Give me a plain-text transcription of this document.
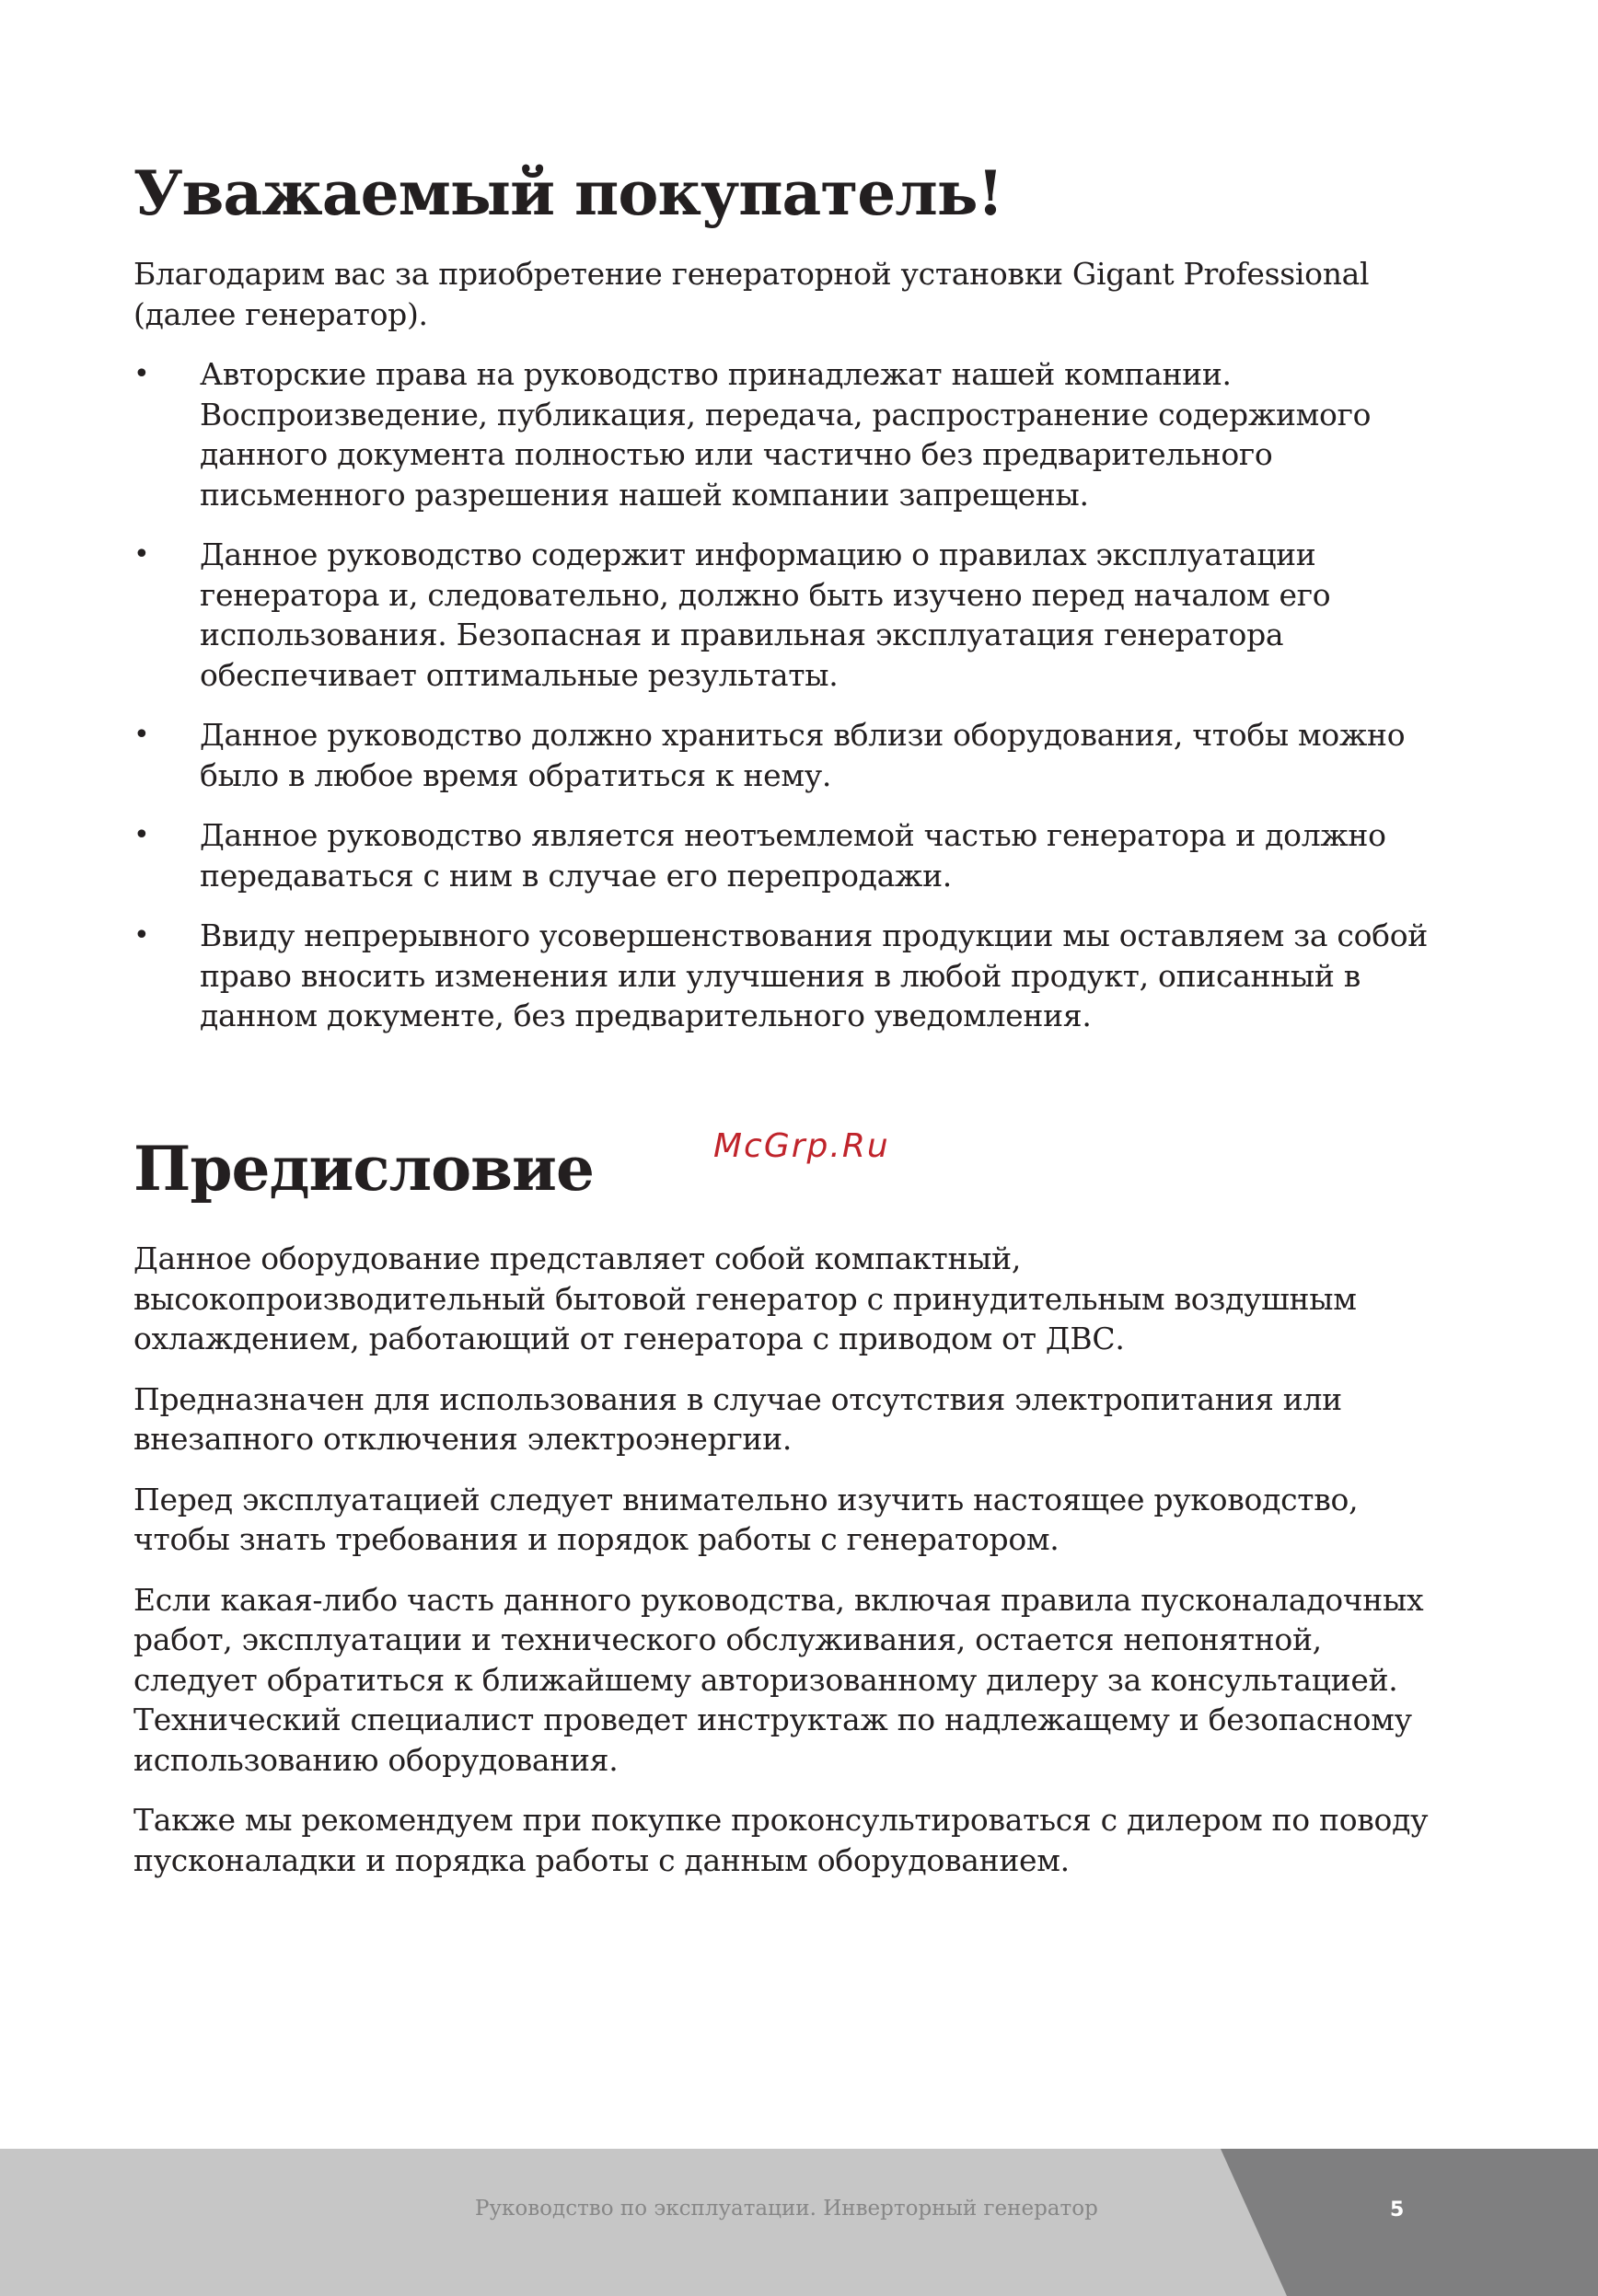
Уважаемый покупатель!

Благодарим вас за приобретение генераторной установки Gigant Professional (далее генератор).

•	Авторские права на руководство принадлежат нашей компании. Воспроизведение, публикация, передача, распространение содержимого данного документа полностью или частично без предварительного письменного разрешения нашей компании запрещены.
•	Данное руководство содержит информацию о правилах эксплуатации генератора и, следовательно, должно быть изучено перед началом его использования. Безопасная и правильная эксплуатация генератора обеспечивает оптимальные результаты.
•	Данное руководство должно храниться вблизи оборудования, чтобы можно было в любое время обратиться к нему.
•	Данное руководство является неотъемлемой частью генератора и должно передаваться с ним в случае его перепродажи.
•	Ввиду непрерывного усовершенствования продукции мы оставляем за собой право вносить изменения или улучшения в любой продукт, описанный в данном документе, без предварительного уведомления.
McGrp.Ru
Предисловие

Данное оборудование представляет собой компактный, высокопроизводительный бытовой генератор с принудительным воздушным охлаждением, работающий от генератора с приводом от ДВС.

Предназначен для использования в случае отсутствия электропитания или внезапного отключения электроэнергии.

Перед эксплуатацией следует внимательно изучить настоящее руководство, чтобы знать требования и порядок работы с генератором.

Если какая-либо часть данного руководства, включая правила пусконаладочных работ, эксплуатации и технического обслуживания, остается непонятной, следует обратиться к ближайшему авторизованному дилеру за консультацией. Технический специалист проведет инструктаж по надлежащему и безопасному использованию оборудования.

Также мы рекомендуем при покупке проконсультироваться с дилером по поводу пусконаладки и порядка работы с данным оборудованием.

Руководство по эксплуатации. Инверторный генератор	5
